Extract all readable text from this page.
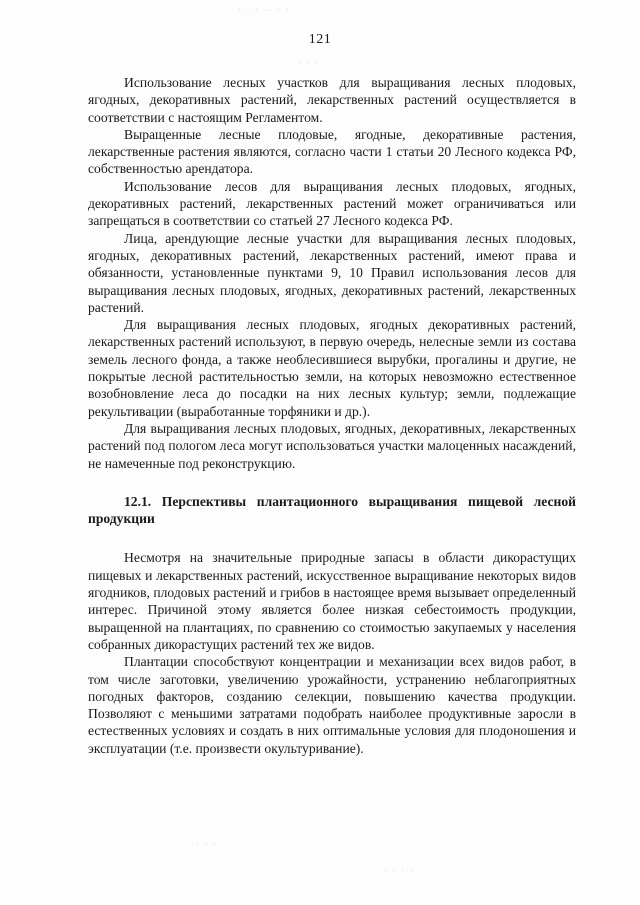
· · · ·· · ·
· · ·
· · ·
· · · ·
121

Использование лесных участков для выращивания лесных плодовых, ягодных, декоративных растений, лекарственных растений осуществляется в соответствии с настоящим Регламентом.

Выращенные лесные плодовые, ягодные, декоративные растения, лекарственные растения являются, согласно части 1 статьи 20 Лесного кодекса РФ, собственностью арендатора.

Использование лесов для выращивания лесных плодовых, ягодных, декоративных растений, лекарственных растений может ограничиваться или запрещаться в соответствии со статьей 27 Лесного кодекса РФ.

Лица, арендующие лесные участки для выращивания лесных плодовых, ягодных, декоративных растений, лекарственных растений, имеют права и обязанности, установленные пунктами 9, 10 Правил использования лесов для выращивания лесных плодовых, ягодных, декоративных растений, лекарственных растений.

Для выращивания лесных плодовых, ягодных декоративных растений, лекарственных растений используют, в первую очередь, нелесные земли из состава земель лесного фонда, а также необлесившиеся вырубки, прогалины и другие, не покрытые лесной растительностью земли, на которых невозможно естественное возобновление леса до посадки на них лесных культур; земли, подлежащие рекультивации (выработанные торфяники и др.).

Для выращивания лесных плодовых, ягодных, декоративных, лекарственных растений под пологом леса могут использоваться участки малоценных насаждений, не намеченные под реконструкцию.

12.1. Перспективы плантационного выращивания пищевой лесной продукции

Несмотря на значительные природные запасы в области дикорастущих пищевых и лекарственных растений, искусственное выращивание некоторых видов ягодников, плодовых растений и грибов в настоящее время вызывает определенный интерес. Причиной этому является более низкая себестоимость продукции, выращенной на плантациях, по сравнению со стоимостью закупаемых у населения собранных дикорастущих растений тех же видов.

Плантации способствуют концентрации и механизации всех видов работ, в том числе заготовки, увеличению урожайности, устранению неблагоприятных погодных факторов, созданию селекции, повышению качества продукции. Позволяют с меньшими затратами подобрать наиболее продуктивные заросли в естественных условиях и создать в них оптимальные условия для плодоношения и эксплуатации (т.е. произвести окультуривание).
